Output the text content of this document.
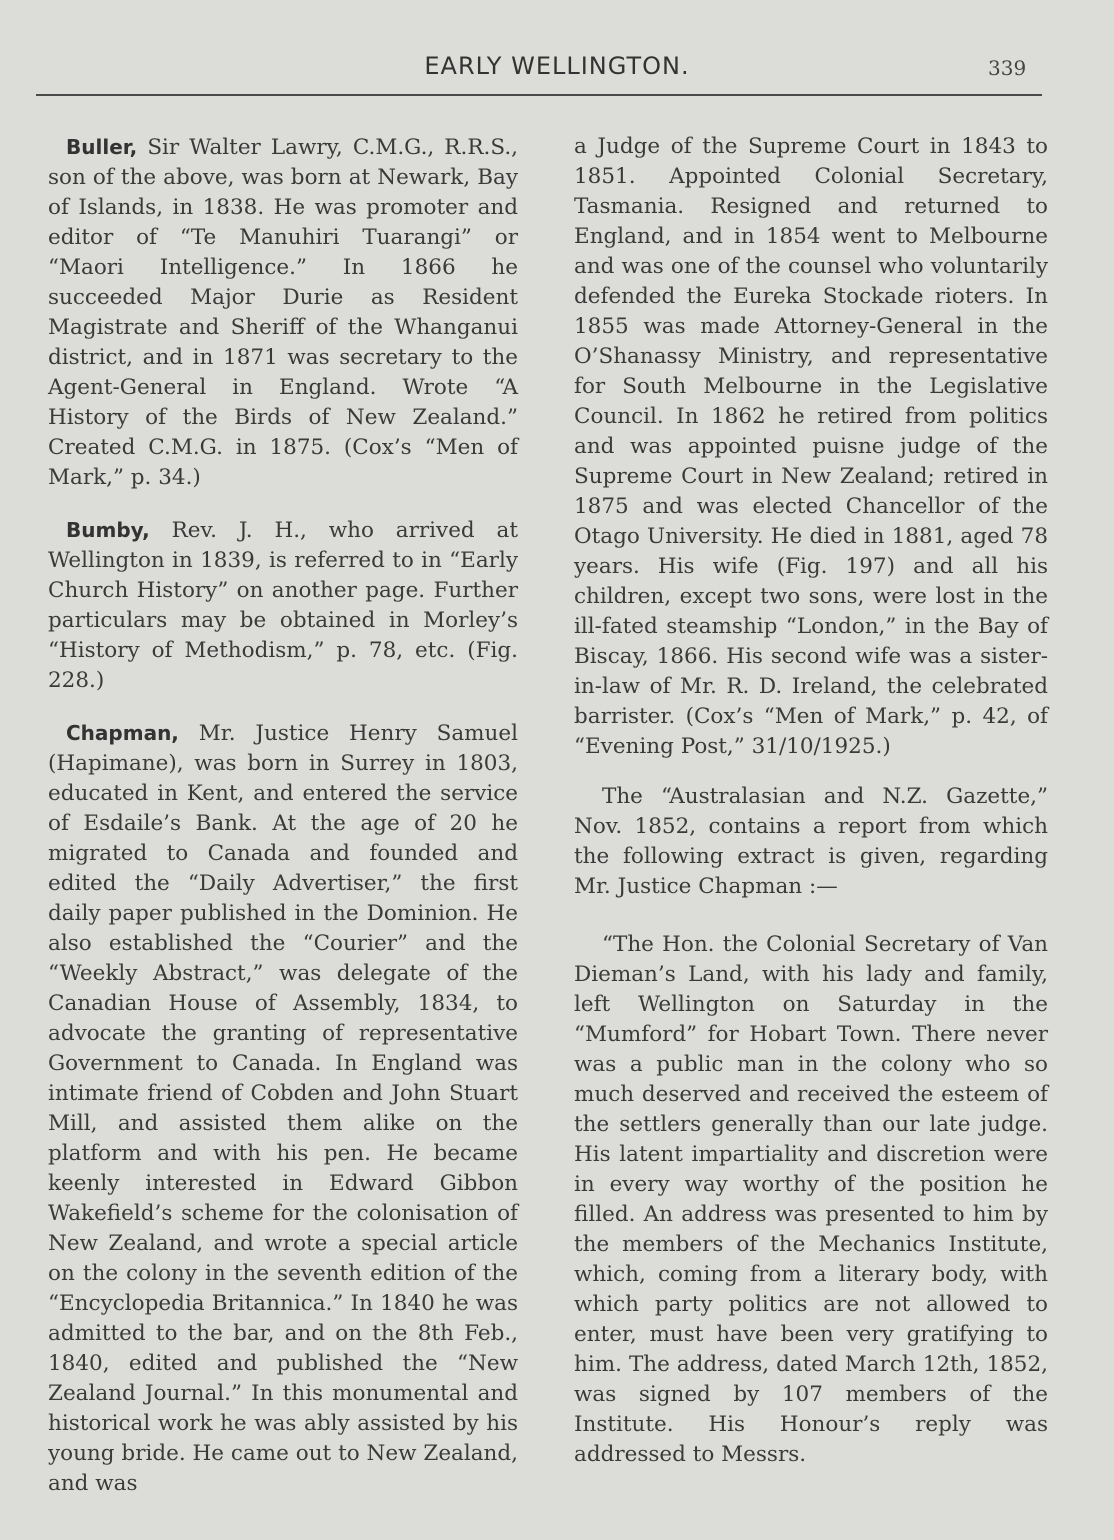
EARLY WELLINGTON.	339

Buller, Sir Walter Lawry, C.M.G., R.R.S., son of the above, was born at Newark, Bay of Islands, in 1838. He was promoter and editor of “Te Manuhiri Tuarangi” or “Maori Intelligence.” In 1866 he succeeded Major Durie as Resident Magistrate and Sheriff of the Whanganui district, and in 1871 was secretary to the Agent-General in England. Wrote “A History of the Birds of New Zealand.” Created C.M.G. in 1875. (Cox’s “Men of Mark,” p. 34.)

Bumby, Rev. J. H., who arrived at Wellington in 1839, is referred to in “Early Church History” on another page. Further particulars may be obtained in Morley’s “History of Methodism,” p. 78, etc. (Fig. 228.)

Chapman, Mr. Justice Henry Samuel (Hapimane), was born in Surrey in 1803, educated in Kent, and entered the service of Esdaile’s Bank. At the age of 20 he migrated to Canada and founded and edited the “Daily Advertiser,” the first daily paper published in the Dominion. He also established the “Courier” and the “Weekly Abstract,” was delegate of the Canadian House of Assembly, 1834, to advocate the granting of representative Government to Canada. In England was intimate friend of Cobden and John Stuart Mill, and assisted them alike on the platform and with his pen. He became keenly interested in Edward Gibbon Wakefield’s scheme for the colonisation of New Zealand, and wrote a special article on the colony in the seventh edition of the “Encyclopedia Britannica.” In 1840 he was admitted to the bar, and on the 8th Feb., 1840, edited and published the “New Zealand Journal.” In this monumental and historical work he was ably assisted by his young bride. He came out to New Zealand, and was

a Judge of the Supreme Court in 1843 to 1851. Appointed Colonial Secretary, Tasmania. Resigned and returned to England, and in 1854 went to Melbourne and was one of the counsel who voluntarily defended the Eureka Stockade rioters. In 1855 was made Attorney-General in the O’Shanassy Ministry, and representative for South Melbourne in the Legislative Council. In 1862 he retired from politics and was appointed puisne judge of the Supreme Court in New Zealand; retired in 1875 and was elected Chancellor of the Otago University. He died in 1881, aged 78 years. His wife (Fig. 197) and all his children, except two sons, were lost in the ill-fated steamship “London,” in the Bay of Biscay, 1866. His second wife was a sister-in-law of Mr. R. D. Ireland, the celebrated barrister. (Cox’s “Men of Mark,” p. 42, of “Evening Post,” 31/10/1925.)

The “Australasian and N.Z. Gazette,” Nov. 1852, contains a report from which the following extract is given, regarding Mr. Justice Chapman :—

“The Hon. the Colonial Secretary of Van Dieman’s Land, with his lady and family, left Wellington on Saturday in the “Mumford” for Hobart Town. There never was a public man in the colony who so much deserved and received the esteem of the settlers generally than our late judge. His latent impartiality and discretion were in every way worthy of the position he filled. An address was presented to him by the members of the Mechanics Institute, which, coming from a literary body, with which party politics are not allowed to enter, must have been very gratifying to him. The address, dated March 12th, 1852, was signed by 107 members of the Institute. His Honour’s reply was addressed to Messrs.
